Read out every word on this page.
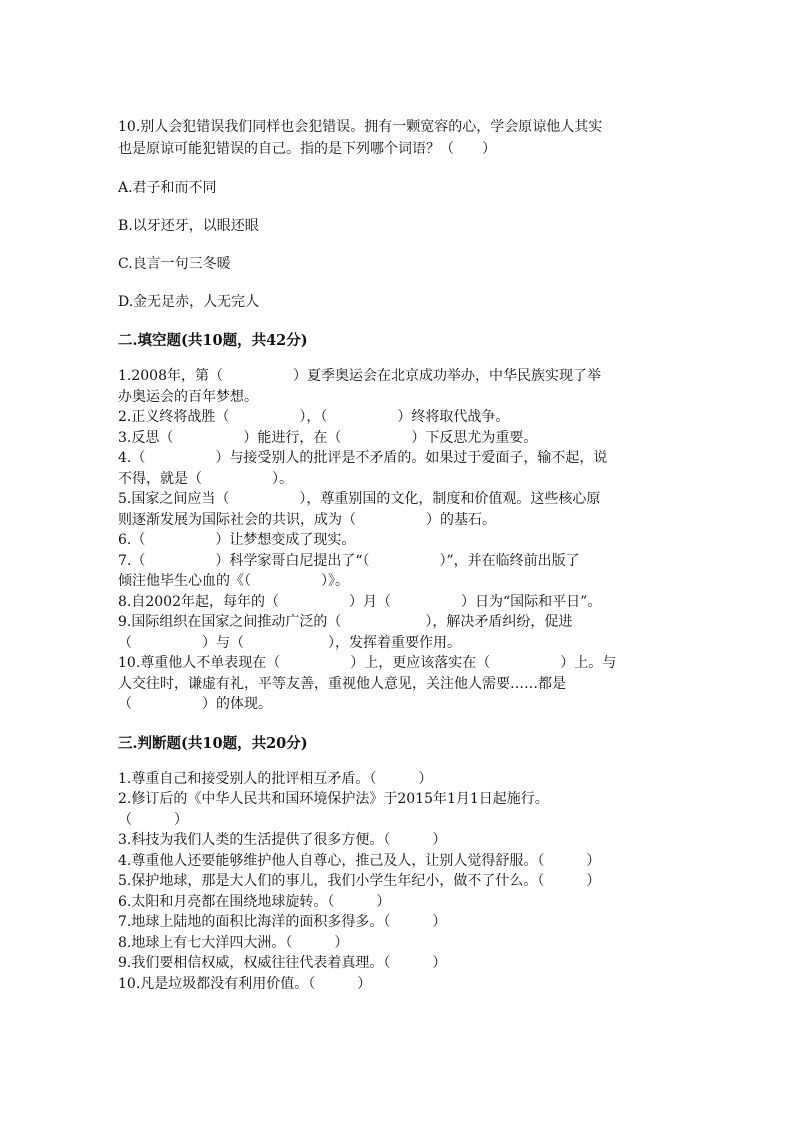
10.别人会犯错误我们同样也会犯错误。拥有一颗宽容的心，学会原谅他人其实
也是原谅可能犯错误的自己。指的是下列哪个词语？（　　）
A.君子和而不同
B.以牙还牙，以眼还眼
C.良言一句三冬暖
D.金无足赤，人无完人
二.填空题(共10题，共42分)
1.2008年，第（　　　　　）夏季奥运会在北京成功举办，中华民族实现了举
办奥运会的百年梦想。
2.正义终将战胜（　　　　　），（　　　　　）终将取代战争。
3.反思（　　　　　）能进行，在（　　　　　）下反思尤为重要。
4.（　　　　　）与接受别人的批评是不矛盾的。如果过于爱面子，输不起，说
不得，就是（　　　　　）。
5.国家之间应当（　　　　　），尊重别国的文化，制度和价值观。这些核心原
则逐渐发展为国际社会的共识，成为（　　　　　）的基石。
6.（　　　　　）让梦想变成了现实。
7.（　　　　　）科学家哥白尼提出了“（　　　　　）”，并在临终前出版了
倾注他毕生心血的《（　　　　　）》。
8.自2002年起，每年的（　　　　　）月（　　　　　）日为“国际和平日”。
9.国际组织在国家之间推动广泛的（　　　　　　），解决矛盾纠纷，促进
（　　　　　）与（　　　　　　），发挥着重要作用。
10.尊重他人不单表现在（　　　　　）上，更应该落实在（　　　　　）上。与
人交往时，谦虚有礼，平等友善，重视他人意见，关注他人需要……都是
（　　　　　）的体现。
三.判断题(共10题，共20分)
1.尊重自己和接受别人的批评相互矛盾。（　　　）
2.修订后的《中华人民共和国环境保护法》于2015年1月1日起施行。
（　　　）
3.科技为我们人类的生活提供了很多方便。（　　　）
4.尊重他人还要能够维护他人自尊心，推己及人，让别人觉得舒服。（　　　）
5.保护地球，那是大人们的事儿，我们小学生年纪小，做不了什么。（　　　）
6.太阳和月亮都在围绕地球旋转。（　　　）
7.地球上陆地的面积比海洋的面积多得多。（　　　）
8.地球上有七大洋四大洲。（　　　）
9.我们要相信权威，权威往往代表着真理。（　　　）
10.凡是垃圾都没有利用价值。（　　　）
